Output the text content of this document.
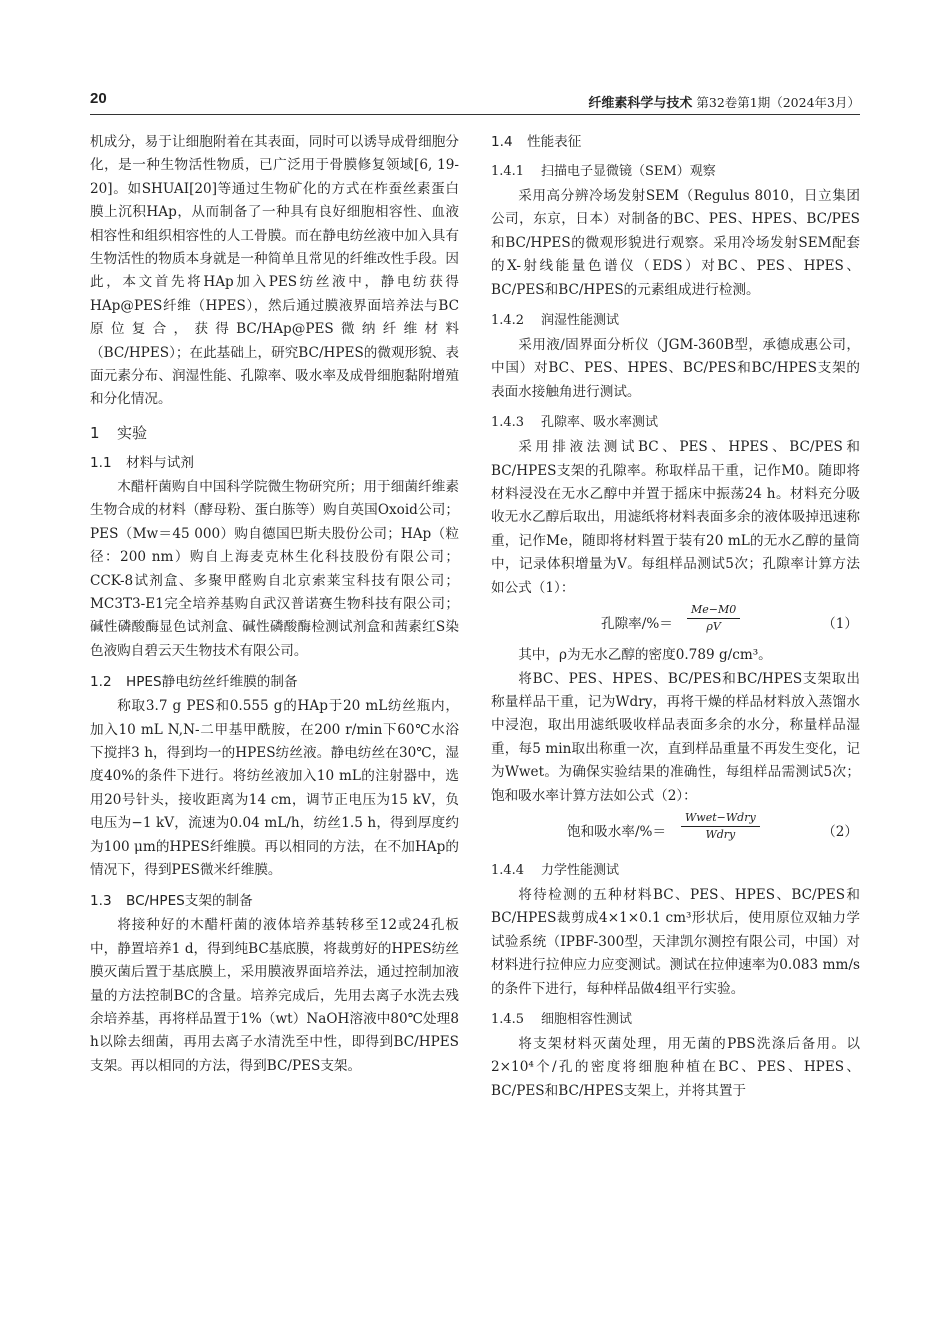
20	纤维素科学与技术 第32卷第1期（2024年3月）

机成分，易于让细胞附着在其表面，同时可以诱导成骨细胞分化，是一种生物活性物质，已广泛用于骨膜修复领域[6, 19-20]。如SHUAI[20]等通过生物矿化的方式在柞蚕丝素蛋白膜上沉积HAp，从而制备了一种具有良好细胞相容性、血液相容性和组织相容性的人工骨膜。而在静电纺丝液中加入具有生物活性的物质本身就是一种简单且常见的纤维改性手段。因此，本文首先将HAp加入PES纺丝液中，静电纺获得HAp@PES纤维（HPES），然后通过膜液界面培养法与BC原位复合，获得BC/HAp@PES微纳纤维材料（BC/HPES）；在此基础上，研究BC/HPES的微观形貌、表面元素分布、润湿性能、孔隙率、吸水率及成骨细胞黏附增殖和分化情况。

1 实验
1.1 材料与试剂

木醋杆菌购自中国科学院微生物研究所；用于细菌纤维素生物合成的材料（酵母粉、蛋白胨等）购自英国Oxoid公司；PES（Mw＝45 000）购自德国巴斯夫股份公司；HAp（粒径：200 nm）购自上海麦克林生化科技股份有限公司；CCK-8试剂盒、多聚甲醛购自北京索莱宝科技有限公司；MC3T3-E1完全培养基购自武汉普诺赛生物科技有限公司；碱性磷酸酶显色试剂盒、碱性磷酸酶检测试剂盒和茜素红S染色液购自碧云天生物技术有限公司。

1.2 HPES静电纺丝纤维膜的制备

称取3.7 g PES和0.555 g的HAp于20 mL纺丝瓶内，加入10 mL N,N-二甲基甲酰胺，在200 r/min下60℃水浴下搅拌3 h，得到均一的HPES纺丝液。静电纺丝在30℃，湿度40%的条件下进行。将纺丝液加入10 mL的注射器中，选用20号针头，接收距离为14 cm，调节正电压为15 kV，负电压为−1 kV，流速为0.04 mL/h，纺丝1.5 h，得到厚度约为100 μm的HPES纤维膜。再以相同的方法，在不加HAp的情况下，得到PES微米纤维膜。

1.3 BC/HPES支架的制备

将接种好的木醋杆菌的液体培养基转移至12或24孔板中，静置培养1 d，得到纯BC基底膜，将裁剪好的HPES纺丝膜灭菌后置于基底膜上，采用膜液界面培养法，通过控制加液量的方法控制BC的含量。培养完成后，先用去离子水洗去残余培养基，再将样品置于1%（wt）NaOH溶液中80℃处理8 h以除去细菌，再用去离子水清洗至中性，即得到BC/HPES支架。再以相同的方法，得到BC/PES支架。

1.4 性能表征
1.4.1 扫描电子显微镜（SEM）观察

采用高分辨冷场发射SEM（Regulus 8010，日立集团公司，东京，日本）对制备的BC、PES、HPES、BC/PES和BC/HPES的微观形貌进行观察。采用冷场发射SEM配套的X-射线能量色谱仪（EDS）对BC、PES、HPES、BC/PES和BC/HPES的元素组成进行检测。

1.4.2 润湿性能测试

采用液/固界面分析仪（JGM-360B型，承德成惠公司，中国）对BC、PES、HPES、BC/PES和BC/HPES支架的表面水接触角进行测试。

1.4.3 孔隙率、吸水率测试

采用排液法测试BC、PES、HPES、BC/PES和BC/HPES支架的孔隙率。称取样品干重，记作M0。随即将材料浸没在无水乙醇中并置于摇床中振荡24 h。材料充分吸收无水乙醇后取出，用滤纸将材料表面多余的液体吸掉迅速称重，记作Me，随即将材料置于装有20 mL的无水乙醇的量筒中，记录体积增量为V。每组样品测试5次；孔隙率计算方法如公式（1）：

孔隙率/%＝ $\frac{Me-M0}{\rho V}$	（1）

其中，ρ为无水乙醇的密度0.789 g/cm³。

将BC、PES、HPES、BC/PES和BC/HPES支架取出称量样品干重，记为Wdry，再将干燥的样品材料放入蒸馏水中浸泡，取出用滤纸吸收样品表面多余的水分，称量样品湿重，每5 min取出称重一次，直到样品重量不再发生变化，记为Wwet。为确保实验结果的准确性，每组样品需测试5次；饱和吸水率计算方法如公式（2）：

饱和吸水率/%＝
Wwet−Wdry
Wdry	（2）
1.4.4 力学性能测试

将待检测的五种材料BC、PES、HPES、BC/PES和BC/HPES裁剪成4×1×0.1 cm³形状后，使用原位双轴力学试验系统（IPBF-300型，天津凯尔测控有限公司，中国）对材料进行拉伸应力应变测试。测试在拉伸速率为0.083 mm/s的条件下进行，每种样品做4组平行实验。

1.4.5 细胞相容性测试

将支架材料灭菌处理，用无菌的PBS洗涤后备用。以2×10⁴个/孔的密度将细胞种植在BC、PES、HPES、BC/PES和BC/HPES支架上，并将其置于
